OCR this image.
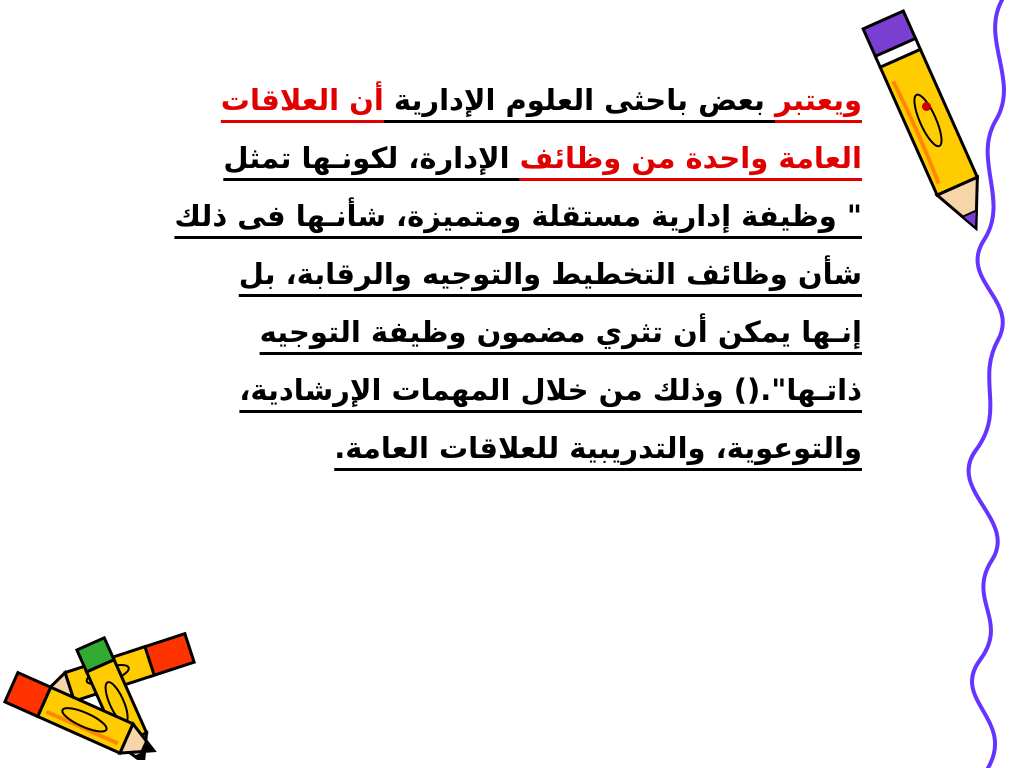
ويعتبر بعض باحثى العلوم الإدارية أن العلاقات
العامة واحدة من وظائف الإدارة، لكونـها تمثل
" وظيفة إدارية مستقلة ومتميزة، شأنـها فى ذلك
شأن وظائف التخطيط والتوجيه والرقابة، بل
إنـها يمكن أن تثري مضمون وظيفة التوجيه
ذاتـها".() وذلك من خلال المهمات الإرشادية،
والتوعوية، والتدريبية للعلاقات العامة.
